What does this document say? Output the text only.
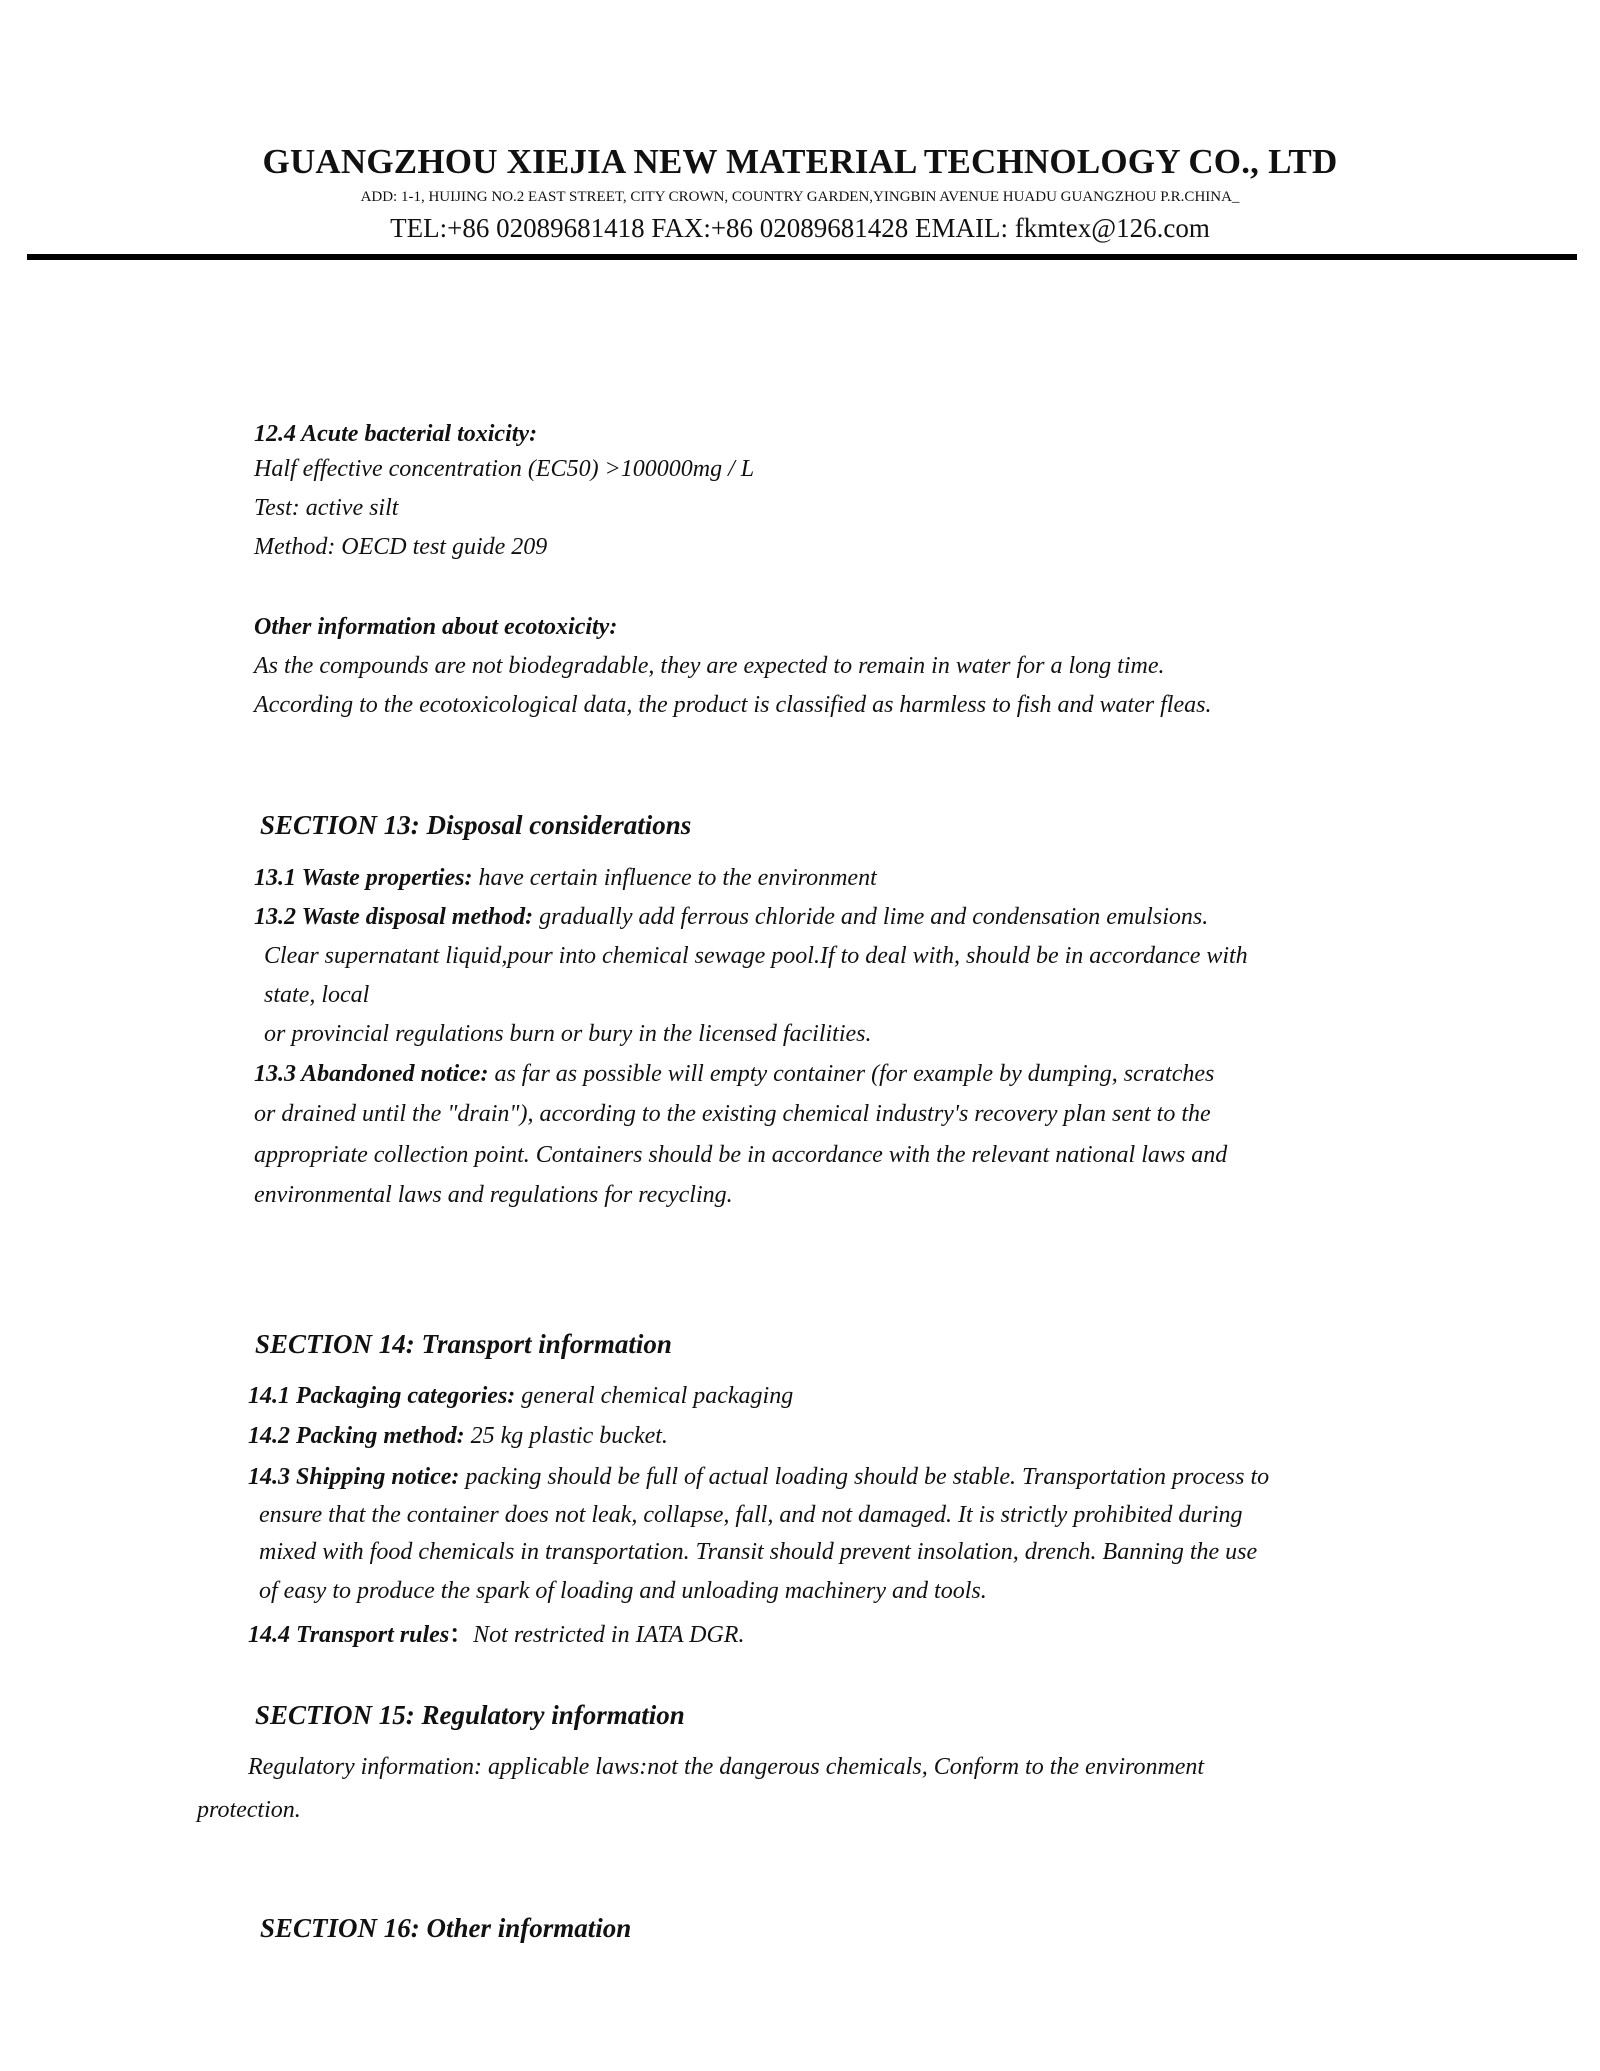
GUANGZHOU XIEJIA NEW MATERIAL TECHNOLOGY CO., LTD
ADD: 1-1, HUIJING NO.2 EAST STREET, CITY CROWN, COUNTRY GARDEN,YINGBIN AVENUE HUADU GUANGZHOU P.R.CHINA_
TEL:+86 02089681418 FAX:+86 02089681428 EMAIL: fkmtex@126.com
12.4 Acute bacterial toxicity:
Half effective concentration (EC50) >100000mg / L
Test: active silt
Method: OECD test guide 209
Other information about ecotoxicity:
As the compounds are not biodegradable, they are expected to remain in water for a long time.
According to the ecotoxicological data, the product is classified as harmless to fish and water fleas.
SECTION 13: Disposal considerations
13.1 Waste properties: have certain influence to the environment
13.2 Waste disposal method: gradually add ferrous chloride and lime and condensation emulsions.
Clear supernatant liquid,pour into chemical sewage pool.If to deal with, should be in accordance with
state, local
or provincial regulations burn or bury in the licensed facilities.
13.3 Abandoned notice: as far as possible will empty container (for example by dumping, scratches
or drained until the "drain"), according to the existing chemical industry's recovery plan sent to the
appropriate collection point. Containers should be in accordance with the relevant national laws and
environmental laws and regulations for recycling.
SECTION 14: Transport information
14.1 Packaging categories: general chemical packaging
14.2 Packing method: 25 kg plastic bucket.
14.3 Shipping notice: packing should be full of actual loading should be stable. Transportation process to
ensure that the container does not leak, collapse, fall, and not damaged. It is strictly prohibited during
mixed with food chemicals in transportation. Transit should prevent insolation, drench. Banning the use
of easy to produce the spark of loading and unloading machinery and tools.
14.4 Transport rules：Not restricted in IATA DGR.
SECTION 15: Regulatory information
Regulatory information: applicable laws:not the dangerous chemicals, Conform to the environment
protection.
SECTION 16: Other information
